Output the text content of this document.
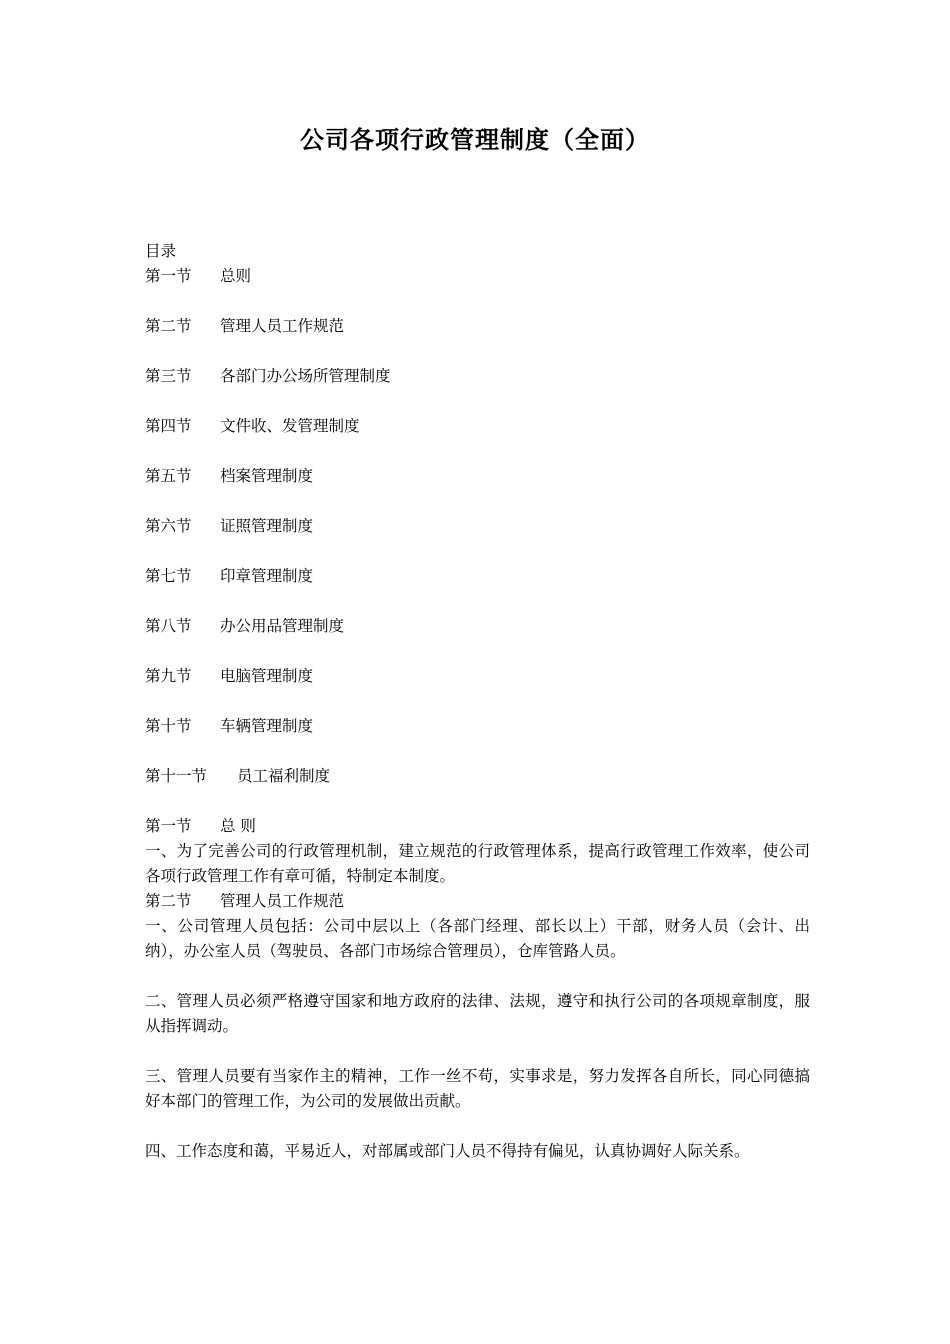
公司各项行政管理制度（全面）
目录
第一节 总则
第二节 管理人员工作规范
第三节 各部门办公场所管理制度
第四节 文件收、发管理制度
第五节 档案管理制度
第六节 证照管理制度
第七节 印章管理制度
第八节 办公用品管理制度
第九节 电脑管理制度
第十节 车辆管理制度
第十一节 员工福利制度
第一节 总 则

一、为了完善公司的行政管理机制，建立规范的行政管理体系，提高行政管理工作效率，使公司各项行政管理工作有章可循，特制定本制度。

第二节 管理人员工作规范

一、公司管理人员包括：公司中层以上（各部门经理、部长以上）干部，财务人员（会计、出纳），办公室人员（驾驶员、各部门市场综合管理员），仓库管路人员。

二、管理人员必须严格遵守国家和地方政府的法律、法规，遵守和执行公司的各项规章制度，服从指挥调动。

三、管理人员要有当家作主的精神，工作一丝不苟，实事求是，努力发挥各自所长，同心同德搞好本部门的管理工作，为公司的发展做出贡献。

四、工作态度和蔼，平易近人，对部属或部门人员不得持有偏见，认真协调好人际关系。
